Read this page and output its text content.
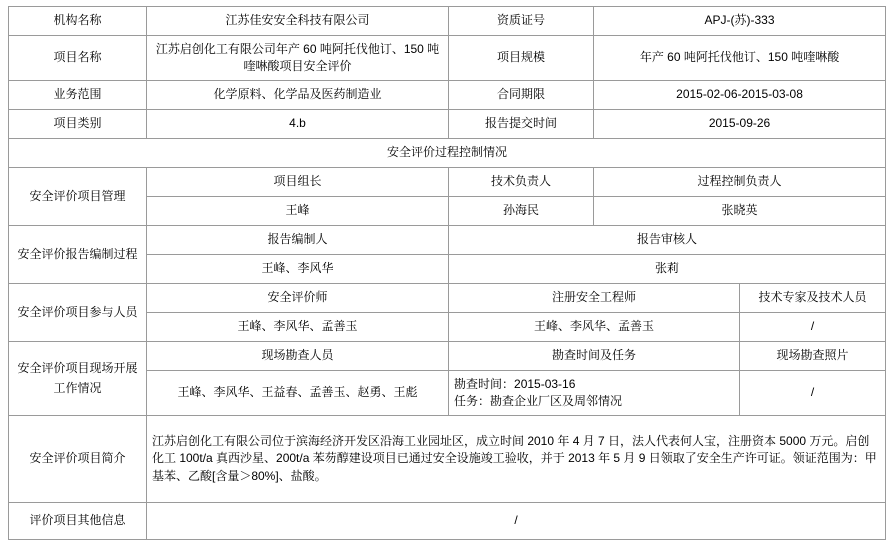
机构名称	江苏佳安安全科技有限公司	资质证号	APJ-(苏)-333	
项目名称	江苏启创化工有限公司年产 60 吨阿托伐他订、150 吨喹啉酸项目安全评价	项目规模	年产 60 吨阿托伐他订、150 吨喹啉酸	
业务范围	化学原料、化学品及医药制造业	合同期限	2015-02-06-2015-03-08	
项目类别	4.b	报告提交时间	2015-09-26	
安全评价过程控制情况				
安全评价项目管理	项目组长	技术负责人	过程控制负责人	
	王峰	孙海民	张晓英	
安全评价报告编制过程	报告编制人	报告审核人		
	王峰、李风华	张莉		
安全评价项目参与人员	安全评价师	注册安全工程师		技术专家及技术人员
	王峰、李风华、孟善玉	王峰、李风华、孟善玉		/
安全评价项目现场开展工作情况	现场勘查人员	勘查时间及任务		现场勘查照片
	王峰、李风华、王益春、孟善玉、赵勇、王彪	勘查时间：2015-03-16
任务：勘查企业厂区及周邻情况		/
安全评价项目简介	江苏启创化工有限公司位于滨海经济开发区沿海工业园址区，成立时间 2010 年 4 月 7 日，法人代表何人宝，注册资本 5000 万元。启创化工 100t/a 真西沙星、200t/a 苯芴醇建设项目已通过安全设施竣工验收，并于 2013 年 5 月 9 日领取了安全生产许可证。领证范围为：甲基苯、乙酸[含量＞80%]、盐酸。			
评价项目其他信息	/			
